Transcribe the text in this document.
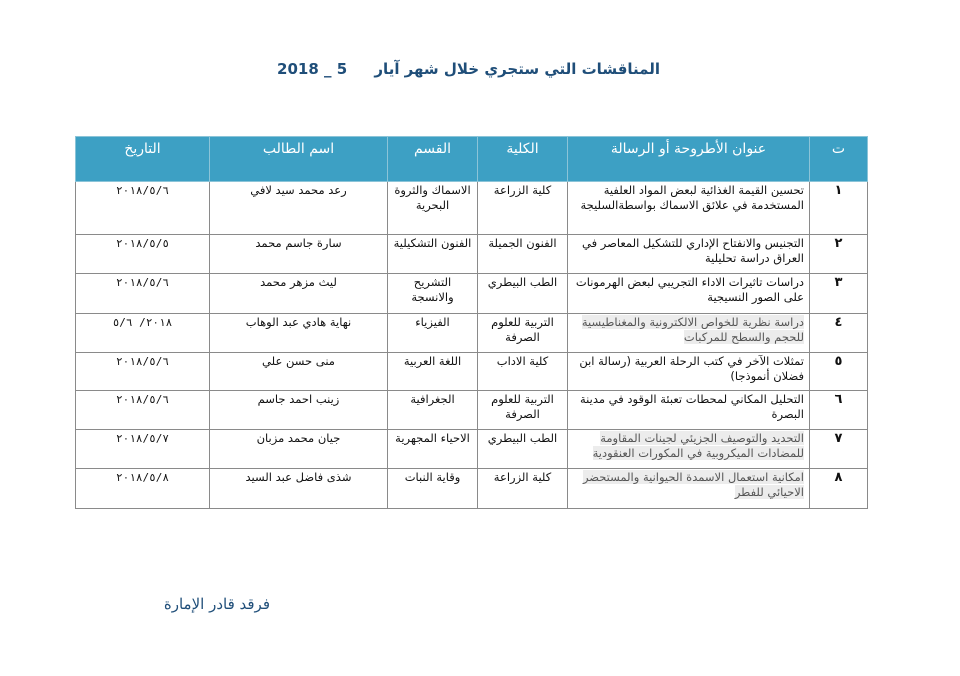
المناقشات التي ستجري خلال شهر آيار 2018 _ 5
ت	عنوان الأطروحة أو الرسالة	الكلية	القسم	اسم الطالب	التاريخ
١	تحسين القيمة الغذائية لبعض المواد العلفية المستخدمة في علائق الاسماك بواسطةالسليجة	كلية الزراعة	الاسماك والثروة البحرية	رعد محمد سيد لافي	٢٠١٨/٥/٦
٢	التجنيس والانفتاح الإداري للتشكيل المعاصر في العراق دراسة تحليلية	الفنون الجميلة	الفنون التشكيلية	سارة جاسم محمد	٢٠١٨/٥/٥
٣	دراسات تاثيرات الاداء التجريبي لبعض الهرمونات على الصور النسيجية	الطب البيطري	التشريح والانسجة	ليث مزهر محمد	٢٠١٨/٥/٦
٤	دراسة نظرية للخواص الالكترونية والمغناطيسية للحجم والسطح للمركبات	التربية للعلوم الصرفة	الفيزياء	نهاية هادي عبد الوهاب	٢٠١٨/ ٥/٦
٥	تمثلات الآخر في كتب الرحلة العربية (رسالة ابن فضلان أنموذجا)	كلية الاداب	اللغة العربية	منى حسن علي	٢٠١٨/٥/٦
٦	التحليل المكاني لمحطات تعبئة الوقود في مدينة البصرة	التربية للعلوم الصرفة	الجغرافية	زينب احمد جاسم	٢٠١٨/٥/٦
٧	التحديد والتوصيف الجزيئي لجينات المقاومة للمضادات الميكروبية في المكورات العنقودية	الطب البيطري	الاحياء المجهرية	جيان محمد مزبان	٢٠١٨/٥/٧
٨	امكانية استعمال الاسمدة الحيوانية والمستحضر الاحيائي للفطر	كلية الزراعة	وقاية النبات	شذى فاضل عبد السيد	٢٠١٨/٥/٨
فرقد قادر الإمارة
